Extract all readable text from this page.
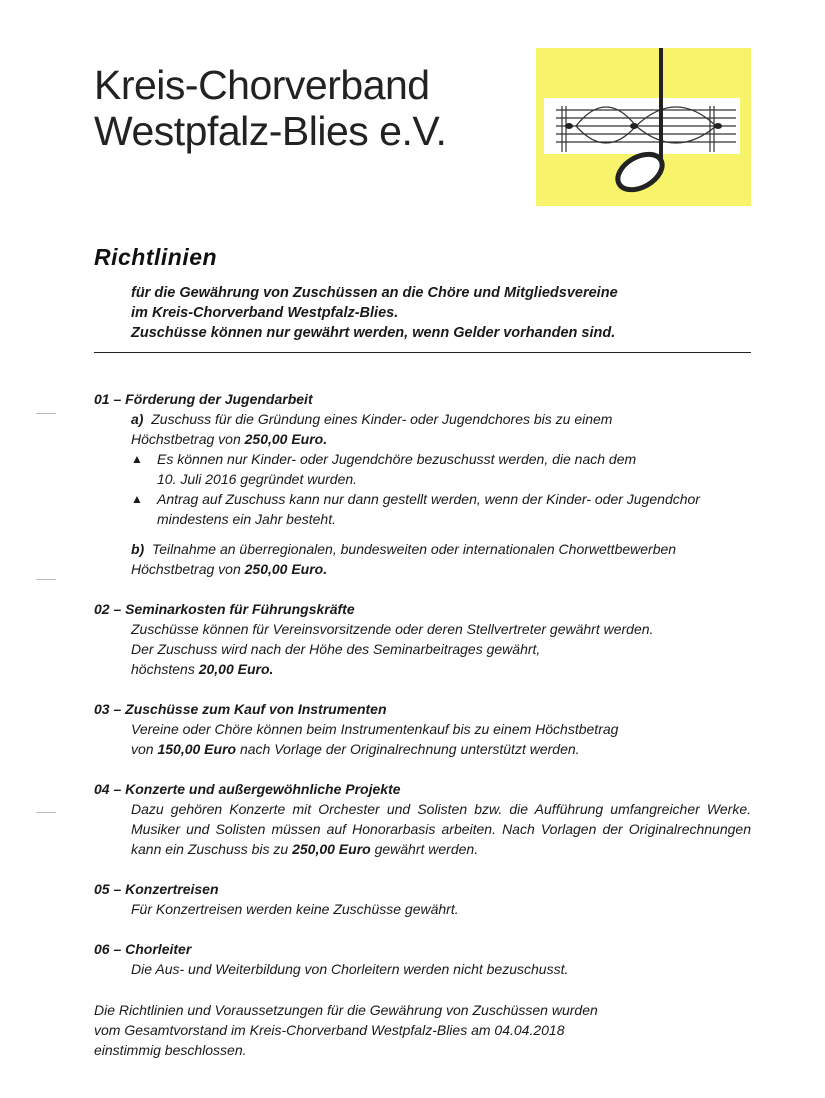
Kreis-Chorverband
Westpfalz-Blies e.V.
Richtlinien
für die Gewährung von Zuschüssen an die Chöre und Mitgliedsvereine
im Kreis-Chorverband Westpfalz-Blies.
Zuschüsse können nur gewährt werden, wenn Gelder vorhanden sind.
01 – Förderung der Jugendarbeit
a) Zuschuss für die Gründung eines Kinder- oder Jugendchores bis zu einem
Höchstbetrag von 250,00 Euro.
▲ Es können nur Kinder- oder Jugendchöre bezuschusst werden, die nach dem
10. Juli 2016 gegründet wurden.
▲ Antrag auf Zuschuss kann nur dann gestellt werden, wenn der Kinder- oder Jugendchor
mindestens ein Jahr besteht.
b) Teilnahme an überregionalen, bundesweiten oder internationalen Chorwettbewerben
Höchstbetrag von 250,00 Euro.
02 – Seminarkosten für Führungskräfte
Zuschüsse können für Vereinsvorsitzende oder deren Stellvertreter gewährt werden.
Der Zuschuss wird nach der Höhe des Seminarbeitrages gewährt,
höchstens 20,00 Euro.
03 – Zuschüsse zum Kauf von Instrumenten
Vereine oder Chöre können beim Instrumentenkauf bis zu einem Höchstbetrag
von 150,00 Euro nach Vorlage der Originalrechnung unterstützt werden.
04 – Konzerte und außergewöhnliche Projekte
Dazu gehören Konzerte mit Orchester und Solisten bzw. die Aufführung umfangreicher Werke. Musiker und Solisten müssen auf Honorarbasis arbeiten. Nach Vorlagen der Originalrechnungen kann ein Zuschuss bis zu 250,00 Euro gewährt werden.
05 – Konzertreisen
Für Konzertreisen werden keine Zuschüsse gewährt.
06 – Chorleiter
Die Aus- und Weiterbildung von Chorleitern werden nicht bezuschusst.
Die Richtlinien und Voraussetzungen für die Gewährung von Zuschüssen wurden
vom Gesamtvorstand im Kreis-Chorverband Westpfalz-Blies am 04.04.2018
einstimmig beschlossen.
